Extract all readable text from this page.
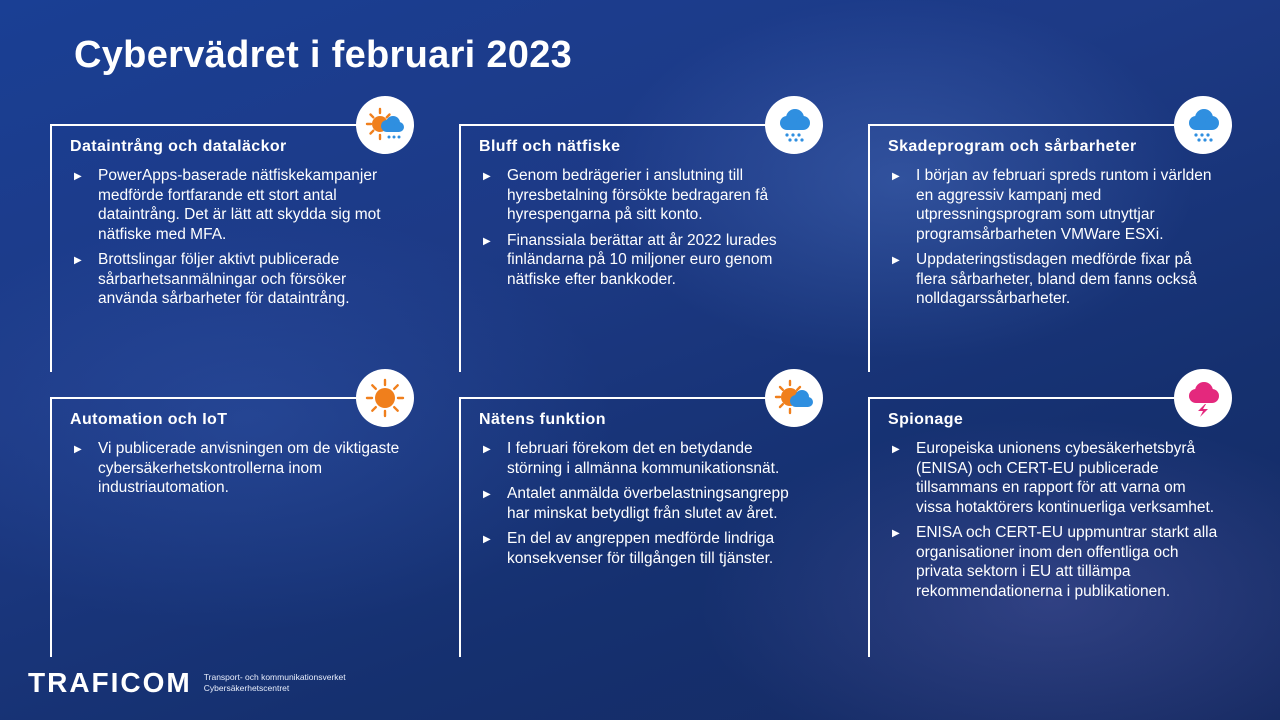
Cybervädret i februari 2023
Dataintrång och dataläckor
▶ PowerApps-baserade nätfiskekampanjer medförde fortfarande ett stort antal dataintrång. Det är lätt att skydda sig mot nätfiske med MFA.
▶ Brottslingar följer aktivt publicerade sårbarhetsanmälningar och försöker använda sårbarheter för dataintrång.
Bluff och nätfiske
▶ Genom bedrägerier i anslutning till hyresbetalning försökte bedragaren få hyrespengarna på sitt konto.
▶ Finanssiala berättar att år 2022 lurades finländarna på 10 miljoner euro genom nätfiske efter bankkoder.
Skadeprogram och sårbarheter
▶ I början av februari spreds runtom i världen en aggressiv kampanj med utpressningsprogram som utnyttjar programsårbarheten VMWare ESXi.
▶ Uppdateringstisdagen medförde fixar på flera sårbarheter, bland dem fanns också nolldagarssårbarheter.
Automation och IoT
▶ Vi publicerade anvisningen om de viktigaste cybersäkerhetskontrollerna inom industriautomation.
Nätens funktion
▶ I februari förekom det en betydande störning i allmänna kommunikationsnät.
▶ Antalet anmälda överbelastningsangrepp har minskat betydligt från slutet av året.
▶ En del av angreppen medförde lindriga konsekvenser för tillgången till tjänster.
Spionage
▶ Europeiska unionens cybesäkerhetsbyrå (ENISA) och CERT-EU publicerade tillsammans en rapport för att varna om vissa hotaktörers kontinuerliga verksamhet.
▶ ENISA och CERT-EU uppmuntrar starkt alla organisationer inom den offentliga och privata sektorn i EU att tillämpa rekommendationerna i publikationen.
TRAFICOM Transport- och kommunikationsverket
Cybersäkerhetscentret
